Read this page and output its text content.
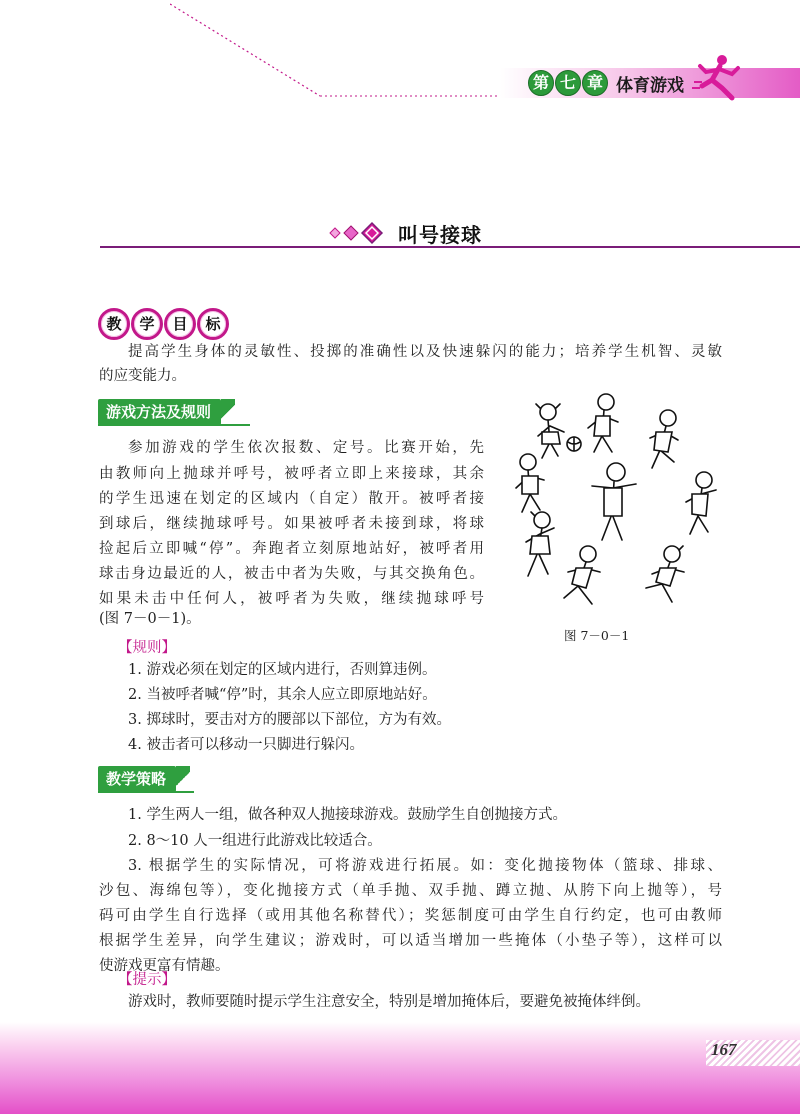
第 七 章 体育游戏
叫号接球
教	学	目	标
提高学生身体的灵敏性、投掷的准确性以及快速躲闪的能力；培养学生机智、灵敏
的应变能力。
游戏方法及规则
参加游戏的学生依次报数、定号。比赛开始，先
由教师向上抛球并呼号，被呼者立即上来接球，其余
的学生迅速在划定的区域内（自定）散开。被呼者接
到球后，继续抛球呼号。如果被呼者未接到球，将球
捡起后立即喊“停”。奔跑者立刻原地站好，被呼者用
球击身边最近的人，被击中者为失败，与其交换角色。
如果未击中任何人，被呼者为失败，继续抛球呼号
(图 7－0－1)。
图 7－0－1
【规则】
1. 游戏必须在划定的区域内进行，否则算违例。
2. 当被呼者喊“停”时，其余人应立即原地站好。
3. 掷球时，要击对方的腰部以下部位，方为有效。
4. 被击者可以移动一只脚进行躲闪。
教学策略
1. 学生两人一组，做各种双人抛接球游戏。鼓励学生自创抛接方式。
2. 8～10 人一组进行此游戏比较适合。
3. 根据学生的实际情况，可将游戏进行拓展。如：变化抛接物体（篮球、排球、
沙包、海绵包等），变化抛接方式（单手抛、双手抛、蹲立抛、从胯下向上抛等），号
码可由学生自行选择（或用其他名称替代）；奖惩制度可由学生自行约定，也可由教师
根据学生差异，向学生建议；游戏时，可以适当增加一些掩体（小垫子等），这样可以
使游戏更富有情趣。
【提示】
游戏时，教师要随时提示学生注意安全，特别是增加掩体后，要避免被掩体绊倒。
167
